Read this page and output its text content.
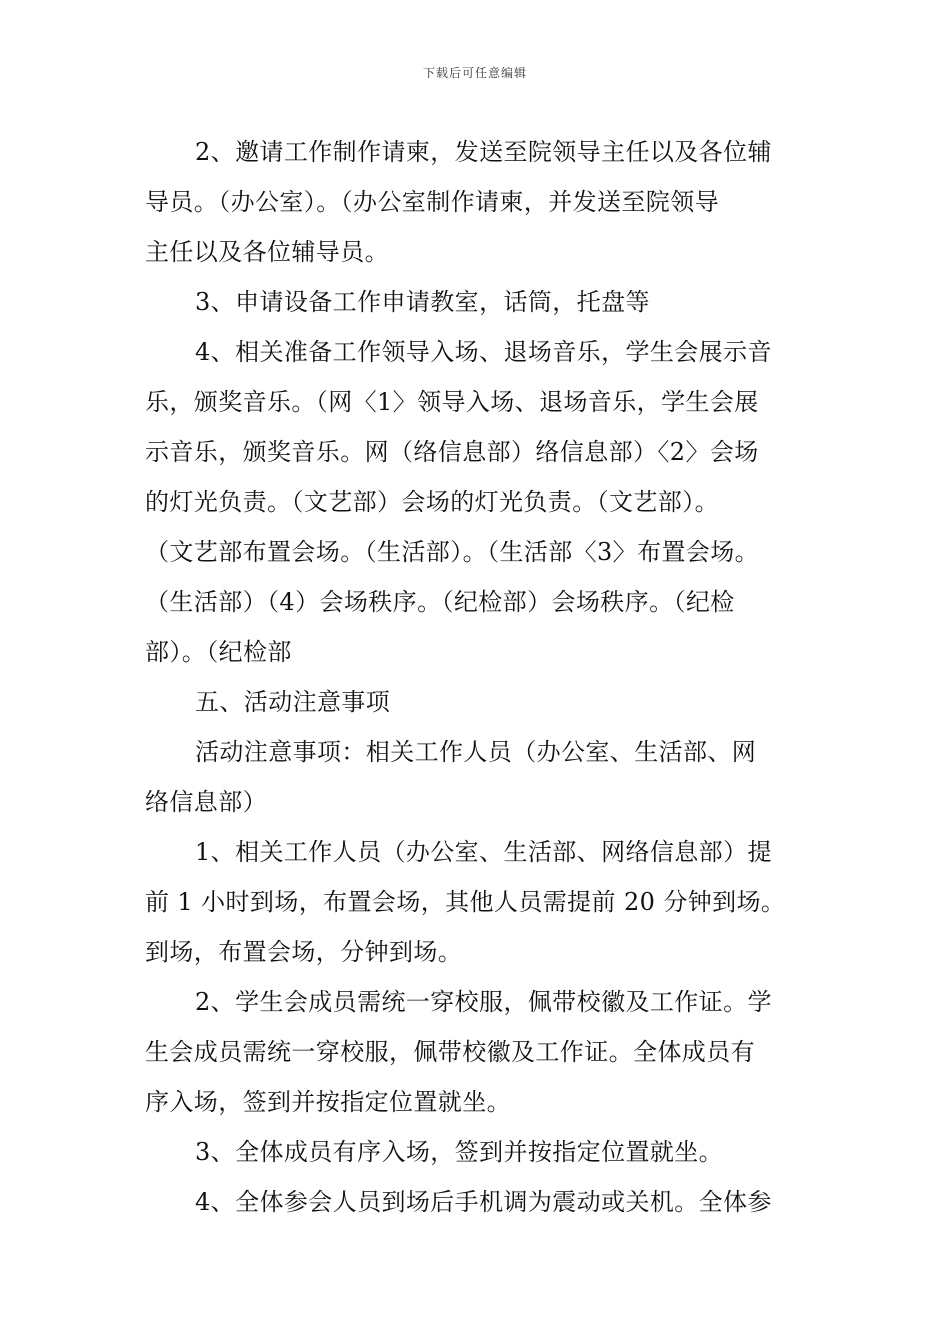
下载后可任意编辑
2、邀请工作制作请柬，发送至院领导主任以及各位辅
导员。（办公室）。（办公室制作请柬，并发送至院领导
主任以及各位辅导员。
3、申请设备工作申请教室，话筒，托盘等
4、相关准备工作领导入场、退场音乐，学生会展示音
乐，颁奖音乐。（网〈1〉领导入场、退场音乐，学生会展
示音乐，颁奖音乐。网（络信息部）络信息部）〈2〉会场
的灯光负责。（文艺部）会场的灯光负责。（文艺部）。
（文艺部布置会场。（生活部）。（生活部〈3〉布置会场。
（生活部）（4）会场秩序。（纪检部）会场秩序。（纪检
部）。（纪检部
五、活动注意事项
活动注意事项：相关工作人员（办公室、生活部、网
络信息部）
1、相关工作人员（办公室、生活部、网络信息部）提
前 1 小时到场，布置会场，其他人员需提前 20 分钟到场。
到场，布置会场，分钟到场。
2、学生会成员需统一穿校服，佩带校徽及工作证。学
生会成员需统一穿校服，佩带校徽及工作证。全体成员有
序入场，签到并按指定位置就坐。
3、全体成员有序入场，签到并按指定位置就坐。
4、全体参会人员到场后手机调为震动或关机。全体参
